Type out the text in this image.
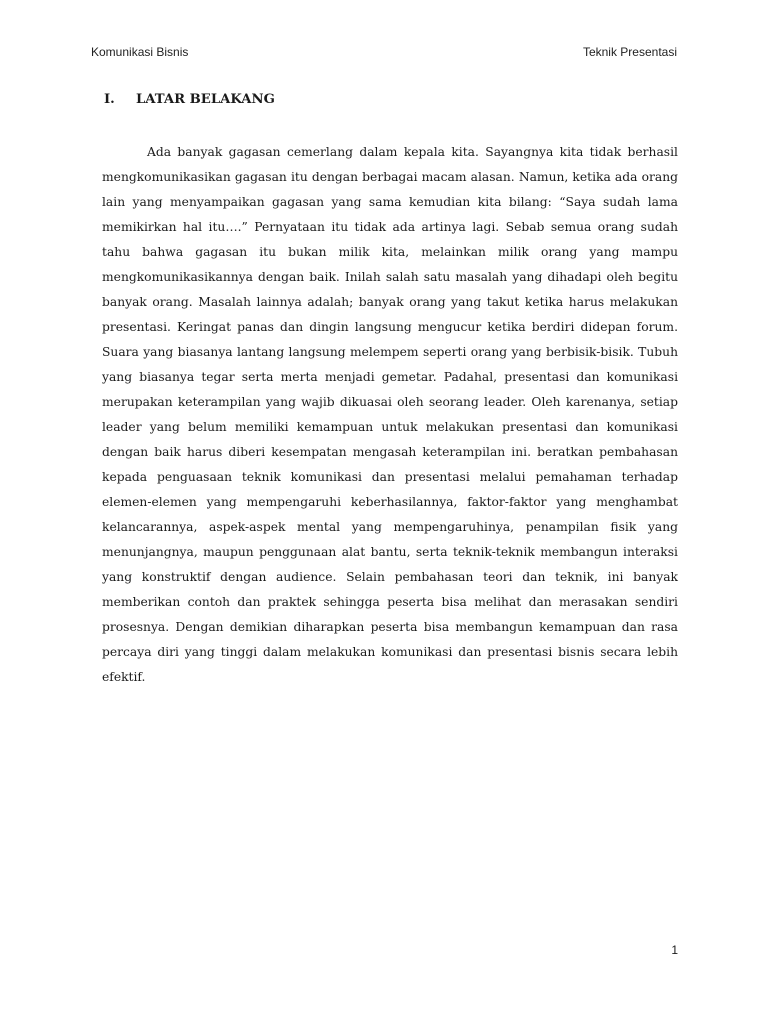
Komunikasi Bisnis	Teknik Presentasi
I. LATAR BELAKANG

Ada banyak gagasan cemerlang dalam kepala kita. Sayangnya kita tidak berhasil mengkomunikasikan gagasan itu dengan berbagai macam alasan. Namun, ketika ada orang lain yang menyampaikan gagasan yang sama kemudian kita bilang: “Saya sudah lama memikirkan hal itu….” Pernyataan itu tidak ada artinya lagi. Sebab semua orang sudah tahu bahwa gagasan itu bukan milik kita, melainkan milik orang yang mampu mengkomunikasikannya dengan baik. Inilah salah satu masalah yang dihadapi oleh begitu banyak orang. Masalah lainnya adalah; banyak orang yang takut ketika harus melakukan presentasi. Keringat panas dan dingin langsung mengucur ketika berdiri didepan forum. Suara yang biasanya lantang langsung melempem seperti orang yang berbisik-bisik. Tubuh yang biasanya tegar serta merta menjadi gemetar. Padahal, presentasi dan komunikasi merupakan keterampilan yang wajib dikuasai oleh seorang leader. Oleh karenanya, setiap leader yang belum memiliki kemampuan untuk melakukan presentasi dan komunikasi dengan baik harus diberi kesempatan mengasah keterampilan ini. beratkan pembahasan kepada penguasaan teknik komunikasi dan presentasi melalui pemahaman terhadap elemen-elemen yang mempengaruhi keberhasilannya, faktor-faktor yang menghambat kelancarannya, aspek-aspek mental yang mempengaruhinya, penampilan fisik yang menunjangnya, maupun penggunaan alat bantu, serta teknik-teknik membangun interaksi yang konstruktif dengan audience. Selain pembahasan teori dan teknik, ini banyak memberikan contoh dan praktek sehingga peserta bisa melihat dan merasakan sendiri prosesnya. Dengan demikian diharapkan peserta bisa membangun kemampuan dan rasa percaya diri yang tinggi dalam melakukan komunikasi dan presentasi bisnis secara lebih efektif.

1
